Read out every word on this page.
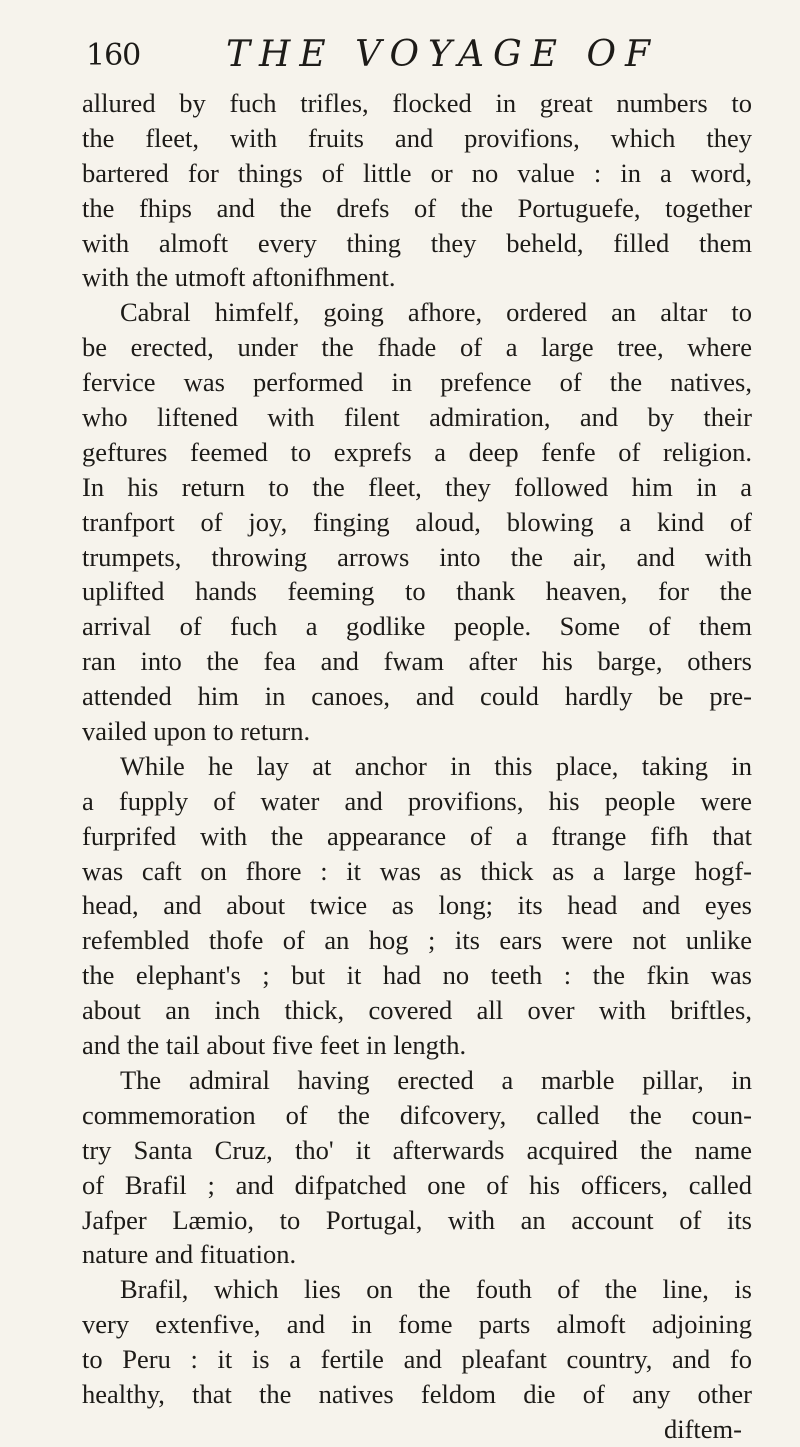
160 THE VOYAGE OF
allured by fuch trifles, flocked in great numbers to
the fleet, with fruits and provifions, which they
bartered for things of little or no value : in a word,
the fhips and the drefs of the Portuguefe, together
with almoft every thing they beheld, filled them
with the utmoft aftonifhment.
Cabral himfelf, going afhore, ordered an altar to
be erected, under the fhade of a large tree, where
fervice was performed in prefence of the natives,
who liftened with filent admiration, and by their
geftures feemed to exprefs a deep fenfe of religion.
In his return to the fleet, they followed him in a
tranfport of joy, finging aloud, blowing a kind of
trumpets, throwing arrows into the air, and with
uplifted hands feeming to thank heaven, for the
arrival of fuch a godlike people. Some of them
ran into the fea and fwam after his barge, others
attended him in canoes, and could hardly be pre-
vailed upon to return.
While he lay at anchor in this place, taking in
a fupply of water and provifions, his people were
furprifed with the appearance of a ftrange fifh that
was caft on fhore : it was as thick as a large hogf-
head, and about twice as long; its head and eyes
refembled thofe of an hog ; its ears were not unlike
the elephant's ; but it had no teeth : the fkin was
about an inch thick, covered all over with briftles,
and the tail about five feet in length.
The admiral having erected a marble pillar, in
commemoration of the difcovery, called the coun-
try Santa Cruz, tho' it afterwards acquired the name
of Brafil ; and difpatched one of his officers, called
Jafper Læmio, to Portugal, with an account of its
nature and fituation.
Brafil, which lies on the fouth of the line, is
very extenfive, and in fome parts almoft adjoining
to Peru : it is a fertile and pleafant country, and fo
healthy, that the natives feldom die of any other
diftem-
